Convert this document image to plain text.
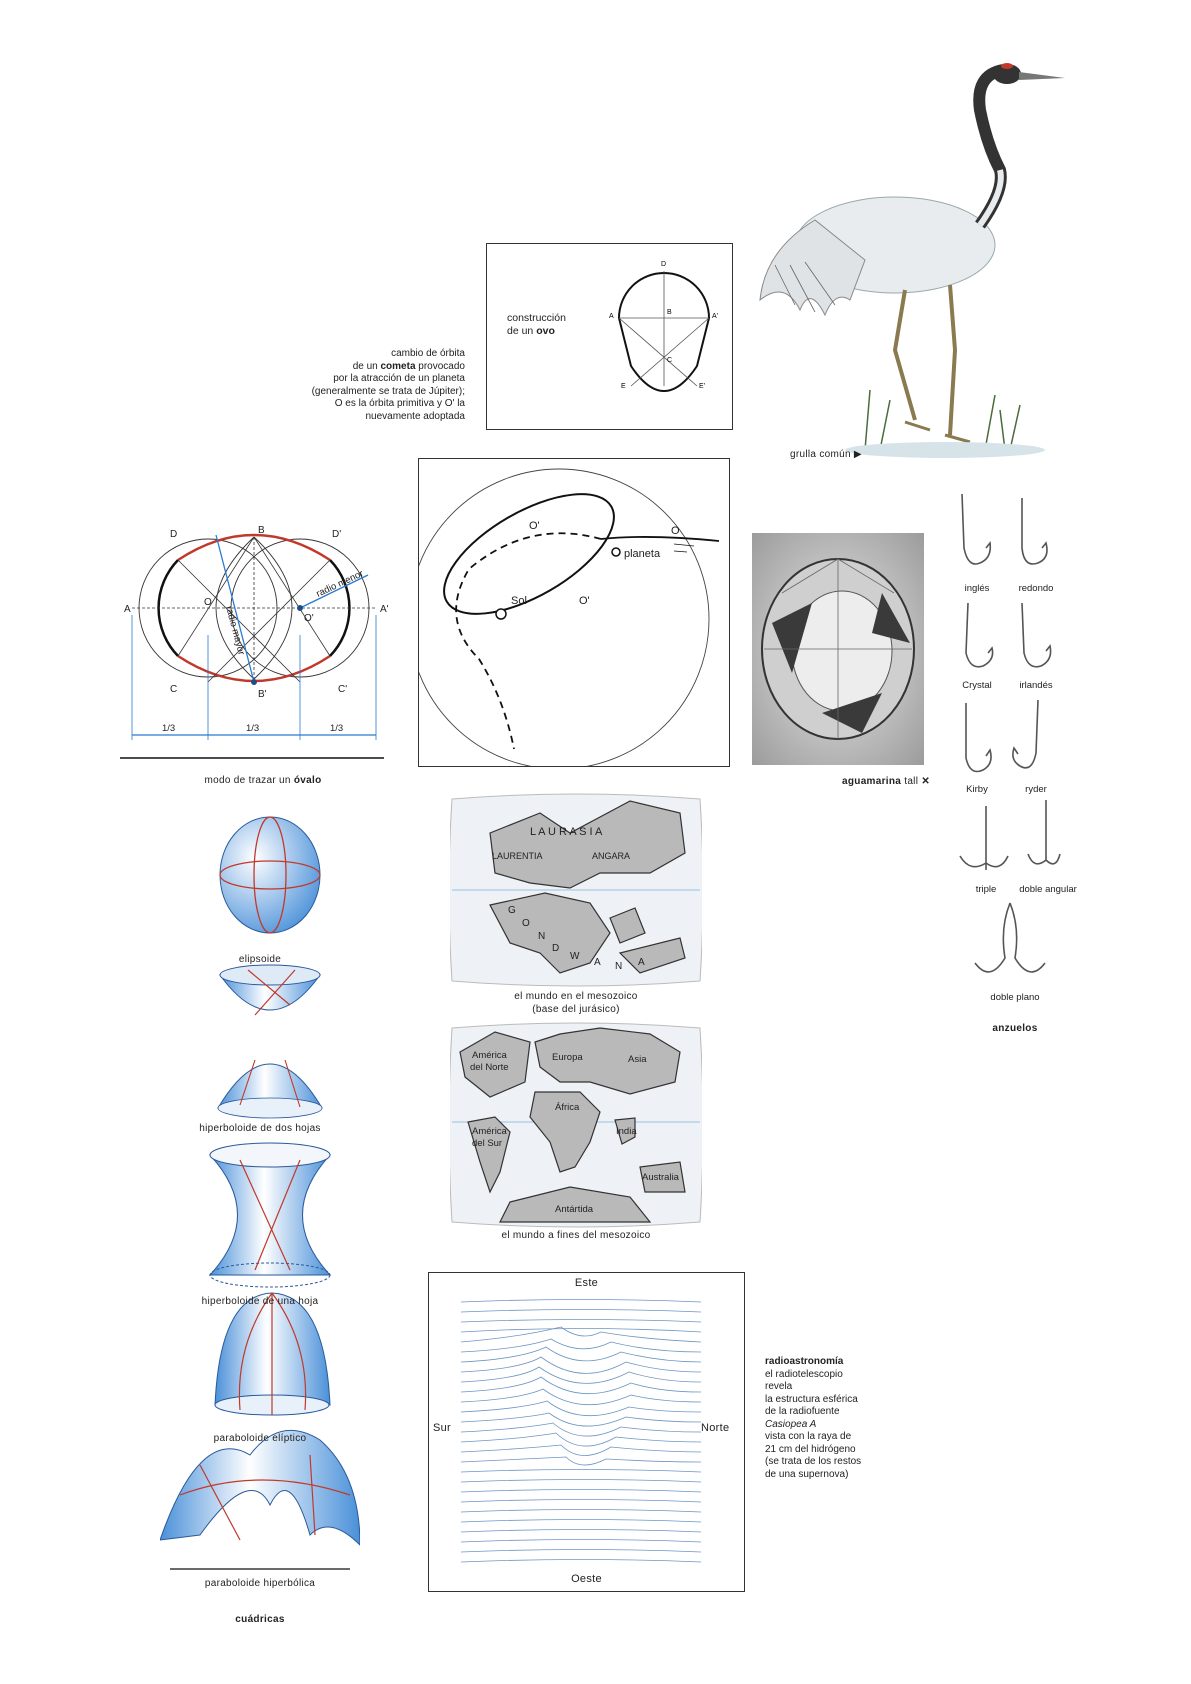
construcción
de un ovo
D
A
B
A'
C
E	E'
cambio de órbita
de un cometa provocado
por la atracción de un planeta
(generalmente se trata de Júpiter);
O es la órbita primitiva y O' la
nuevamente adoptada
grulla común ▶
D	B	D'
A
O
O'
A'
C	B'	C'
radio mayor
radio menor
1/3	1/3	1/3
modo de trazar un óvalo
O'	O
planeta
Sol	O'
aguamarina tall ✕
inglés	redondo
Crystal	irlandés
Kirby	ryder
triple	doble angular
doble plano
anzuelos
elipsoide
hiperboloide de dos hojas
hiperboloide de una hoja
paraboloide elíptico
paraboloide hiperbólica
cuádricas
L A U R A S I A
LAURENTIA	ANGARA
G
O
N
D
W
A N A
el mundo en el mesozoico
(base del jurásico)
América
del Norte
Europa	Asia
África
América
del Sur
India
Australia
Antártida
el mundo a fines del mesozoico
Este
Oeste
Sur	Norte
radioastronomía
el radiotelescopio
revela
la estructura esférica
de la radiofuente
Casiopea A
vista con la raya de
21 cm del hidrógeno
(se trata de los restos
de una supernova)
